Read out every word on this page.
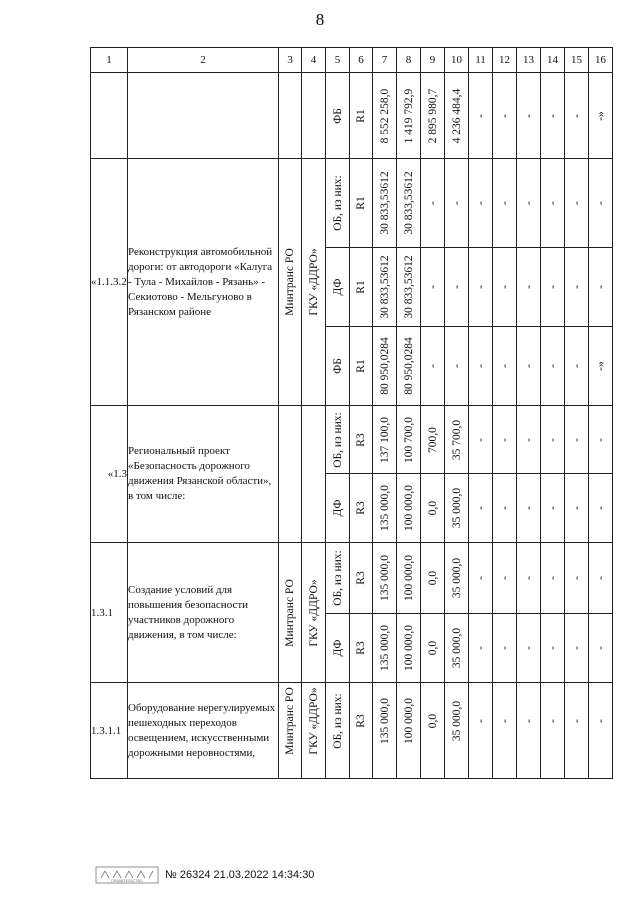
8
1	2	3	4	5	6	7	8	9	10	11	12	13	14	15	16

				ФБ	R1	8 552 258,0	1 419 792,9	2 895 980,7	4 236 484,4	-	-	-	-	-	-»

«1.1.3.2	Реконструкция автомобильной дороги: от автодороги «Калуга - Тула - Михайлов - Рязань» - Секиотово - Мельгуново в Рязанском районе	Минтранс РО	ГКУ «ДДРО»	ОБ, из них:	R1	30 833,53612	30 833,53612	-	-	-	-	-	-	-	-

				ДФ	R1	30 833,53612	30 833,53612	-	-	-	-	-	-	-	-

				ФБ	R1	80 950,0284	80 950,0284	-	-	-	-	-	-	-	-»

«1.3	Региональный проект «Безопасность дорожного движения Рязанской области», в том числе:			ОБ, из них:	R3	137 100,0	100 700,0	700,0	35 700,0	-	-	-	-	-	-

				ДФ	R3	135 000,0	100 000,0	0,0	35 000,0	-	-	-	-	-	-

1.3.1	Создание условий для повышения безопасности участников дорожного движения, в том числе:	Минтранс РО	ГКУ «ДДРО»	ОБ, из них:	R3	135 000,0	100 000,0	0,0	35 000,0	-	-	-	-	-	-

				ДФ	R3	135 000,0	100 000,0	0,0	35 000,0	-	-	-	-	-	-

1.3.1.1	Оборудование нерегулируемых пешеходных переходов освещением, искусственными дорожными неровностями,	Минтранс РО	ГКУ «ДДРО»	ОБ, из них:	R3	135 000,0	100 000,0	0,0	35 000,0	-	-	-	-	-	-
ПРАВИТЕЛЬСТВО № 26324 21.03.2022 14:34:30
